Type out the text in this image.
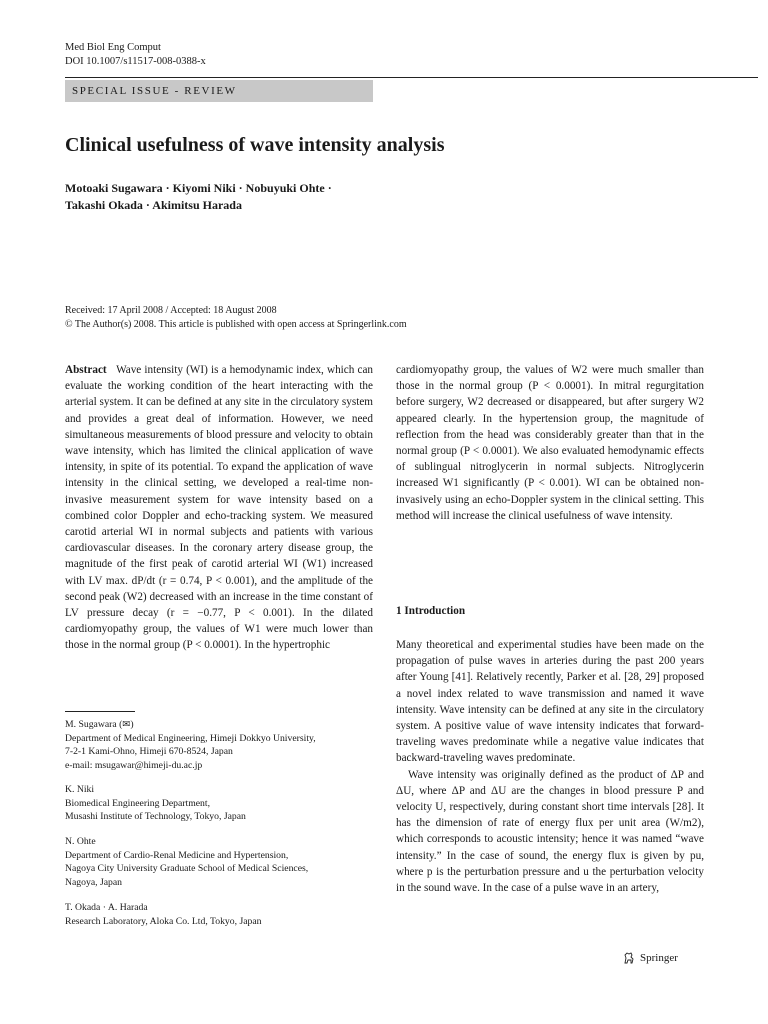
Med Biol Eng Comput
DOI 10.1007/s11517-008-0388-x
SPECIAL ISSUE - REVIEW
Clinical usefulness of wave intensity analysis
Motoaki Sugawara · Kiyomi Niki · Nobuyuki Ohte ·
Takashi Okada · Akimitsu Harada
Received: 17 April 2008 / Accepted: 18 August 2008
© The Author(s) 2008. This article is published with open access at Springerlink.com

Abstract Wave intensity (WI) is a hemodynamic index, which can evaluate the working condition of the heart interacting with the arterial system. It can be defined at any site in the circulatory system and provides a great deal of information. However, we need simultaneous measurements of blood pressure and velocity to obtain wave intensity, which has limited the clinical application of wave intensity, in spite of its potential. To expand the application of wave intensity in the clinical setting, we developed a real-time non-invasive measurement system for wave intensity based on a combined color Doppler and echo-tracking system. We measured carotid arterial WI in normal subjects and patients with various cardiovascular diseases. In the coronary artery disease group, the magnitude of the first peak of carotid arterial WI (W1) increased with LV max. dP/dt (r = 0.74, P < 0.001), and the amplitude of the second peak (W2) decreased with an increase in the time constant of LV pressure decay (r = −0.77, P < 0.001). In the dilated cardiomyopathy group, the values of W1 were much lower than those in the normal group (P < 0.0001). In the hypertrophic

cardiomyopathy group, the values of W2 were much smaller than those in the normal group (P < 0.0001). In mitral regurgitation before surgery, W2 decreased or disappeared, but after surgery W2 appeared clearly. In the hypertension group, the magnitude of reflection from the head was considerably greater than that in the normal group (P < 0.0001). We also evaluated hemodynamic effects of sublingual nitroglycerin in normal subjects. Nitroglycerin increased W1 significantly (P < 0.001). WI can be obtained non-invasively using an echo-Doppler system in the clinical setting. This method will increase the clinical usefulness of wave intensity.

1 Introduction

Many theoretical and experimental studies have been made on the propagation of pulse waves in arteries during the past 200 years after Young [41]. Relatively recently, Parker et al. [28, 29] proposed a novel index related to wave transmission and named it wave intensity. Wave intensity can be defined at any site in the circulatory system. A positive value of wave intensity indicates that forward-traveling waves predominate while a negative value indicates that backward-traveling waves predominate.

Wave intensity was originally defined as the product of ΔP and ΔU, where ΔP and ΔU are the changes in blood pressure P and velocity U, respectively, during constant short time intervals [28]. It has the dimension of rate of energy flux per unit area (W/m2), which corresponds to acoustic intensity; hence it was named “wave intensity.” In the case of sound, the energy flux is given by pu, where p is the perturbation pressure and u the perturbation velocity in the sound wave. In the case of a pulse wave in an artery,

M. Sugawara (✉)
Department of Medical Engineering, Himeji Dokkyo University,
7-2-1 Kami-Ohno, Himeji 670-8524, Japan
e-mail: msugawar@himeji-du.ac.jp
K. Niki
Biomedical Engineering Department,
Musashi Institute of Technology, Tokyo, Japan
N. Ohte
Department of Cardio-Renal Medicine and Hypertension,
Nagoya City University Graduate School of Medical Sciences,
Nagoya, Japan
T. Okada · A. Harada
Research Laboratory, Aloka Co. Ltd, Tokyo, Japan
Springer
